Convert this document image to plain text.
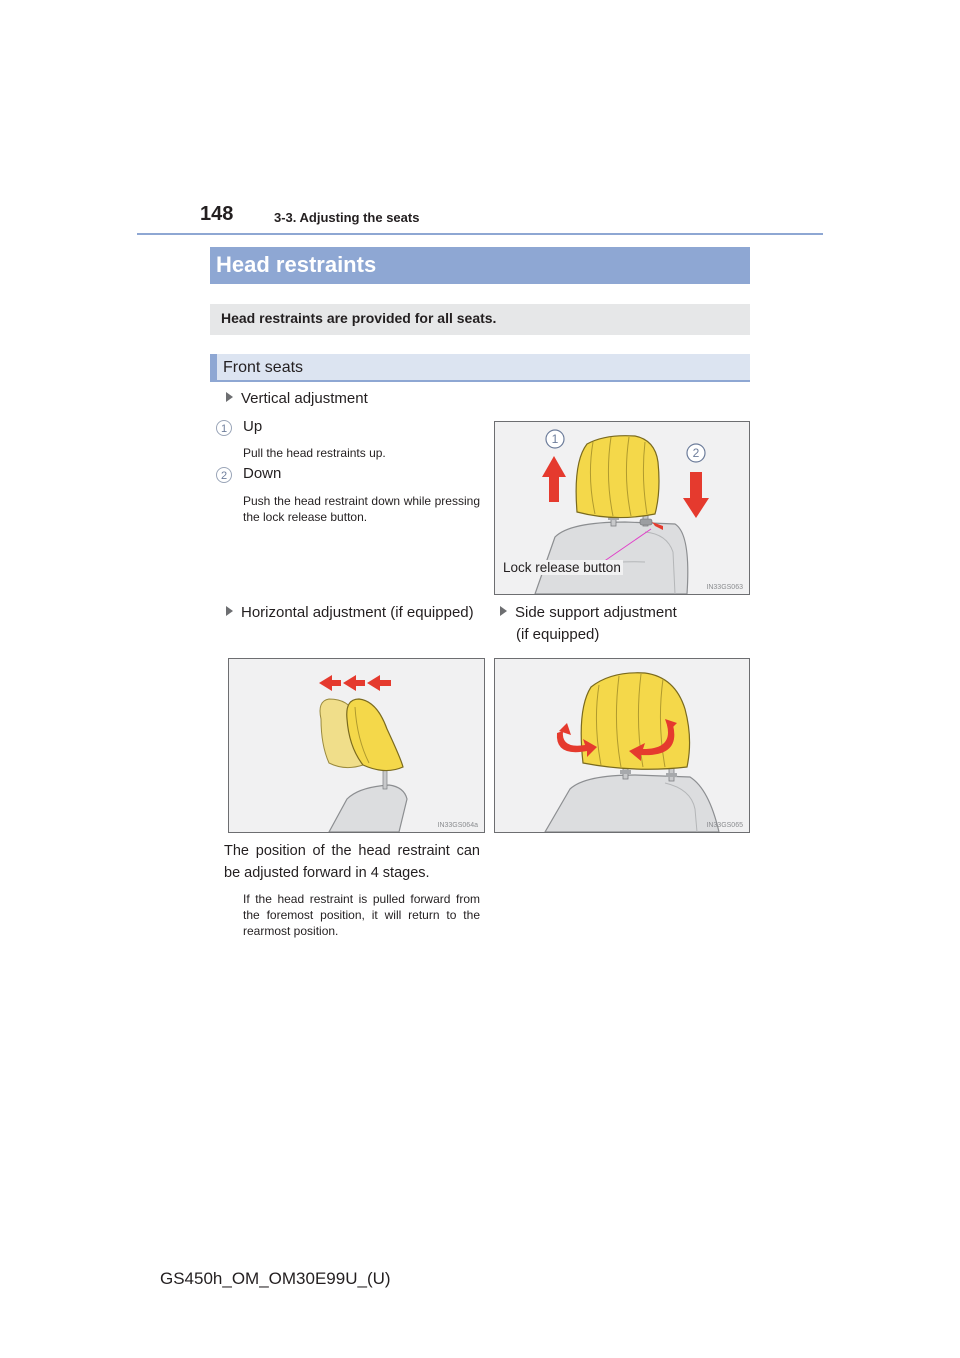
148	3-3. Adjusting the seats
Head restraints
Head restraints are provided for all seats.
Front seats
Vertical adjustment
1	Up
Pull the head restraints up.
2	Down
Push the head restraint down while pressing the lock release button.
1
2
Lock release button
IN33GS063
Horizontal adjustment (if equipped)	Side support adjustment
(if equipped)
IN33GS064a	IN33GS065
The position of the head restraint can be adjusted forward in 4 stages.
If the head restraint is pulled forward from the foremost position, it will return to the rearmost position.
GS450h_OM_OM30E99U_(U)
